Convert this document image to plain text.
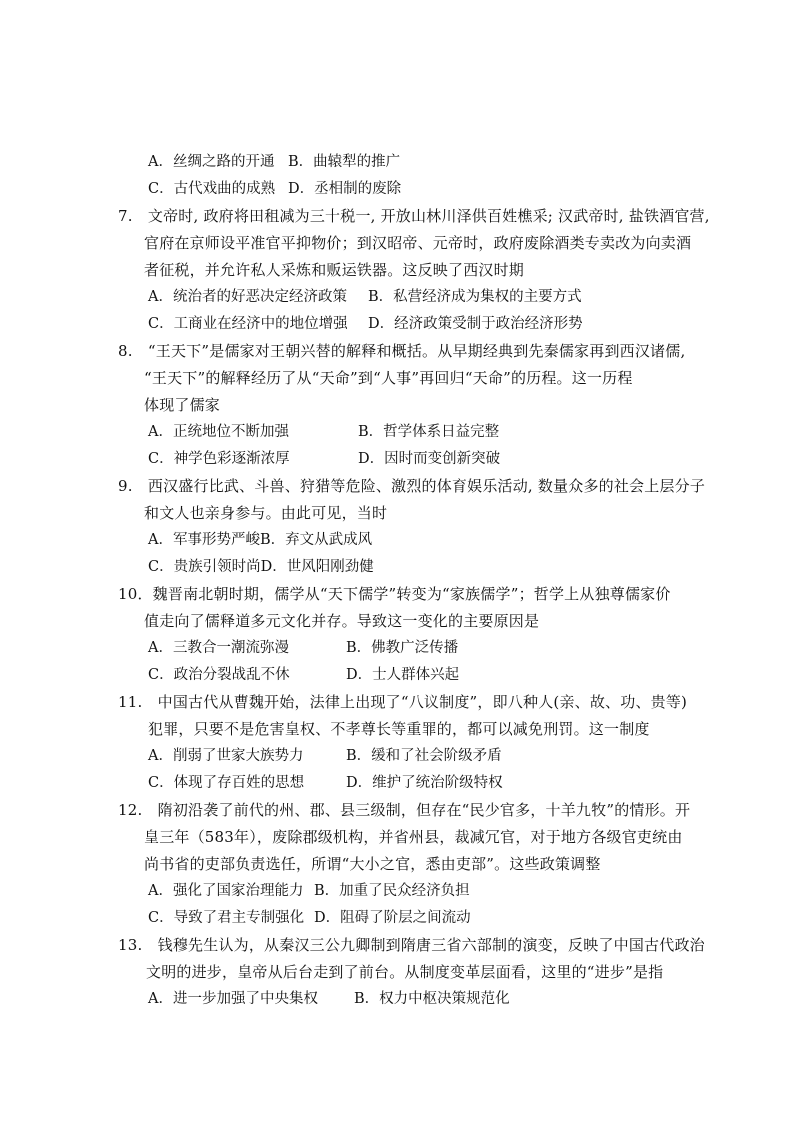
A．丝绸之路的开通 B．曲辕犁的推广
C．古代戏曲的成熟 D．丞相制的废除
7.　文帝时, 政府将田租减为三十税一, 开放山林川泽供百姓樵采; 汉武帝时, 盐铁酒官营,
官府在京师设平准官平抑物价；到汉昭帝、元帝时，政府废除酒类专卖改为向卖酒
者征税，并允许私人采炼和贩运铁器。这反映了西汉时期
A．统治者的好恶决定经济政策 B．私营经济成为集权的主要方式
C．工商业在经济中的地位增强 D．经济政策受制于政治经济形势
8.　“王天下”是儒家对王朝兴替的解释和概括。从早期经典到先秦儒家再到西汉诸儒,
“王天下”的解释经历了从“天命”到“人事”再回归“天命”的历程。这一历程
体现了儒家
A．正统地位不断加强	B．哲学体系日益完整
C．神学色彩逐渐浓厚	D．因时而变创新突破
9.　西汉盛行比武、斗兽、狩猎等危险、激烈的体育娱乐活动, 数量众多的社会上层分子
和文人也亲身参与。由此可见，当时
A．军事形势严峻B．弃文从武成风
C．贵族引领时尚D．世风阳刚劲健
10．魏晋南北朝时期，儒学从“天下儒学”转变为“家族儒学”；哲学上从独尊儒家价
值走向了儒释道多元文化并存。导致这一变化的主要原因是
A．三教合一潮流弥漫	B．佛教广泛传播
C．政治分裂战乱不休	D．士人群体兴起
11.　中国古代从曹魏开始，法律上出现了“八议制度”，即八种人(亲、故、功、贵等)
犯罪，只要不是危害皇权、不孝尊长等重罪的，都可以减免刑罚。这一制度
A．削弱了世家大族势力	B．缓和了社会阶级矛盾
C．体现了存百姓的思想	D．维护了统治阶级特权
12.　隋初沿袭了前代的州、郡、县三级制，但存在“民少官多，十羊九牧”的情形。开
皇三年（583年），废除郡级机构，并省州县，裁减冗官，对于地方各级官吏统由
尚书省的吏部负责选任，所谓“大小之官，悉由吏部”。这些政策调整
A．强化了国家治理能力 B．加重了民众经济负担
C．导致了君主专制强化 D．阻碍了阶层之间流动
13.　钱穆先生认为，从秦汉三公九卿制到隋唐三省六部制的演变，反映了中国古代政治
文明的进步，皇帝从后台走到了前台。从制度变革层面看，这里的“进步”是指
A．进一步加强了中央集权 B．权力中枢决策规范化
